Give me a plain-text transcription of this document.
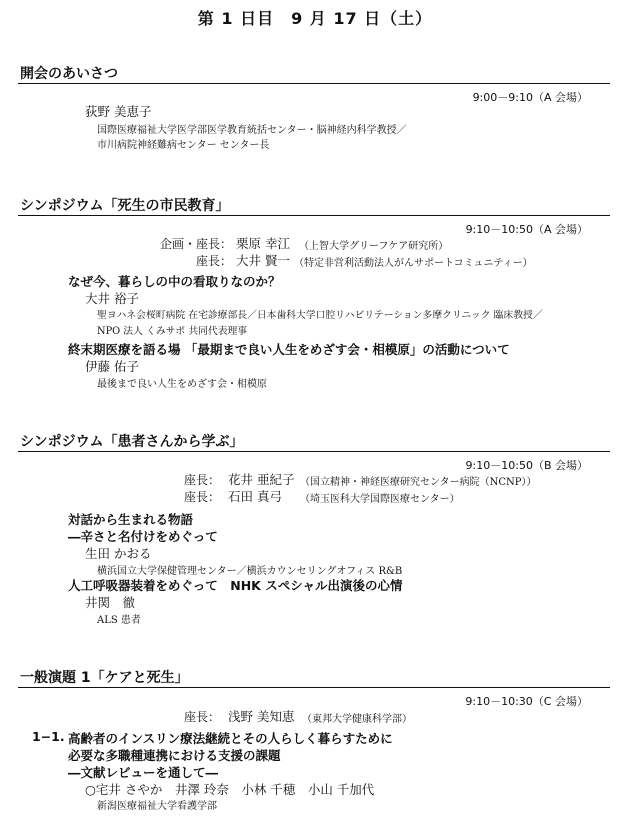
第 1 日目　9 月 17 日（土）
開会のあいさつ
9:00－9:10（A 会場）
荻野 美恵子
国際医療福祉大学医学部医学教育統括センター・脳神経内科学教授／
市川病院神経難病センター センター長
シンポジウム「死生の市民教育」
9:10－10:50（A 会場）
企画・座長： 栗原 幸江 （上智大学グリーフケア研究所）
座長： 大井 賢一 （特定非営利活動法人がんサポートコミュニティー）
なぜ今、暮らしの中の看取りなのか？
大井 裕子
聖ヨハネ会桜町病院 在宅診療部長／日本歯科大学口腔リハビリテーション多摩クリニック 臨床教授／
NPO 法人 くみサポ 共同代表理事
終末期医療を語る場 「最期まで良い人生をめざす会・相模原」の活動について
伊藤 佑子
最後まで良い人生をめざす会・相模原
シンポジウム「患者さんから学ぶ」
9:10－10:50（B 会場）
座長： 花井 亜紀子 （国立精神・神経医療研究センター病院（NCNP））
座長： 石田 真弓 （埼玉医科大学国際医療センター）
対話から生まれる物語
―辛さと名付けをめぐって
生田 かおる
横浜国立大学保健管理センター／横浜カウンセリングオフィス R&B
人工呼吸器装着をめぐって　NHK スペシャル出演後の心情
井関　徹
ALS 患者
一般演題 1「ケアと死生」
9:10－10:30（C 会場）
座長： 浅野 美知恵 （東邦大学健康科学部）
1−1. 高齢者のインスリン療法継続とその人らしく暮らすために
必要な多職種連携における支援の課題
―文献レビューを通して―
○宅井 さやか　井澤 玲奈　小林 千穂　小山 千加代
新潟医療福祉大学看護学部
